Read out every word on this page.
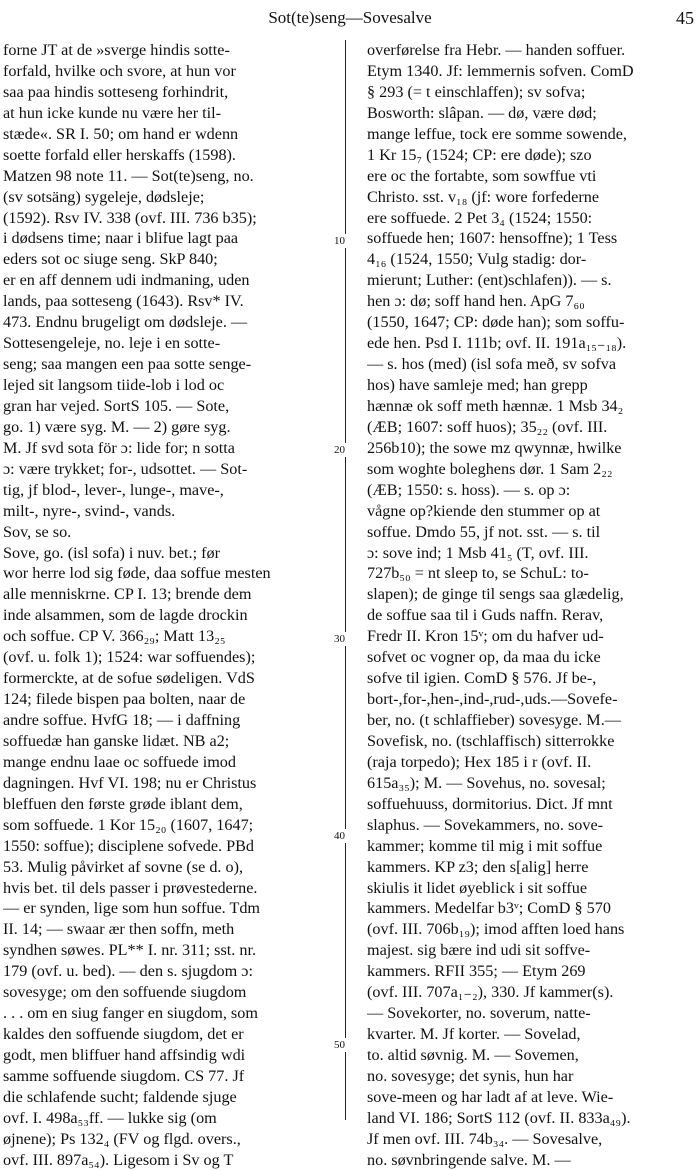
Sot(te)seng—Sovesalve	45
forne JT at de »sverge hindis sotte-
forfald, hvilke och svore, at hun vor
saa paa hindis sotteseng forhindrit,
at hun icke kunde nu være her til-
stæde«. SR I. 50; om hand er wdenn
soette forfald eller herskaffs (1598).
Matzen 98 note 11. — Sot(te)seng, no.
(sv sotsäng) sygeleje, dødsleje;
(1592). Rsv IV. 338 (ovf. III. 736 b35);
i dødsens time; naar i blifue lagt paa
eders sot oc siuge seng. SkP 840;
er en aff dennem udi indmaning, uden
lands, paa sotteseng (1643). Rsv* IV.
473. Endnu brugeligt om dødsleje. —
Sottesengeleje, no. leje i en sotte-
seng; saa mangen een paa sotte senge-
lejed sit langsom tiide-lob i lod oc
gran har vejed. SortS 105. — Sote,
go. 1) være syg. M. — 2) gøre syg.
M. Jf svd sota för ɔ: lide for; n sotta
ɔ: være trykket; for-, udsottet. — Sot-
tig, jf blod-, lever-, lunge-, mave-,
milt-, nyre-, svind-, vands.
Sov, se so.
Sove, go. (isl sofa) i nuv. bet.; før
wor herre lod sig føde, daa soffue mesten
alle menniskrne. CP I. 13; brende dem
inde alsammen, som de lagde drockin
och soffue. CP V. 366₂₉; Matt 13₂₅
(ovf. u. folk 1); 1524: war soffuendes);
formerckte, at de sofue sødeligen. VdS
124; filede bispen paa bolten, naar de
andre soffue. HvfG 18; — i daffning
soffuedæ han ganske lidæt. NB a2;
mange endnu laae oc soffuede imod
dagningen. Hvf VI. 198; nu er Christus
bleffuen den første grøde iblant dem,
som soffuede. 1 Kor 15₂₀ (1607, 1647;
1550: soffue); disciplene sofvede. PBd
53. Mulig påvirket af sovne (se d. o),
hvis bet. til dels passer i prøvestederne.
— er synden, lige som hun soffue. Tdm
II. 14; — swaar ær then soffn, meth
syndhen søwes. PL** I. nr. 311; sst. nr.
179 (ovf. u. bed). — den s. sjugdom ɔ:
sovesyge; om den soffuende siugdom
. . . om en siug fanger en siugdom, som
kaldes den soffuende siugdom, det er
godt, men bliffuer hand affsindig wdi
samme soffuende siugdom. CS 77. Jf
die schlafende sucht; faldende sjuge
ovf. I. 498a₅₃ff. — lukke sig (om
øjnene); Ps 132₄ (FV og flgd. overs.,
ovf. III. 897a₅₄). Ligesom i Sv og T
overførelse fra Hebr. — handen soffuer.
Etym 1340. Jf: lemmernis sofven. ComD
§ 293 (= t einschlaffen); sv sofva;
Bosworth: slâpan. — dø, være død;
mange leffue, tock ere somme sowende,
1 Kr 15₇ (1524; CP: ere døde); szo
ere oc the fortabte, som sowffue vti
Christo. sst. v₁₈ (jf: wore forfederne
ere soffuede. 2 Pet 3₄ (1524; 1550:
soffuede hen; 1607: hensoffne); 1 Tess
4₁₆ (1524, 1550; Vulg stadig: dor-
mierunt; Luther: (ent)schlafen)). — s.
hen ɔ: dø; soff hand hen. ApG 7₆₀
(1550, 1647; CP: døde han); som soffu-
ede hen. Psd I. 111b; ovf. II. 191a₁₅₋₁₈).
— s. hos (med) (isl sofa með, sv sofva
hos) have samleje med; han grepp
hænnæ ok soff meth hænnæ. 1 Msb 34₂
(ÆB; 1607: soff huos); 35₂₂ (ovf. III.
256b10); the sowe mz qwynnæ, hwilke
som woghte boleghens dør. 1 Sam 2₂₂
(ÆB; 1550: s. hoss). — s. op ɔ:
vågne op?kiende den stummer op at
soffue. Dmdo 55, jf not. sst. — s. til
ɔ: sove ind; 1 Msb 41₅ (T, ovf. III.
727b₅₀ = nt sleep to, se SchuL: to-
slapen); de ginge til sengs saa glædelig,
de soffue saa til i Guds naffn. Rerav,
Fredr II. Kron 15ᵛ; om du hafver ud-
sofvet oc vogner op, da maa du icke
sofve til igien. ComD § 576. Jf be-,
bort-,for-,hen-,ind-,rud-,uds.—Sovefe-
ber, no. (t schlaffieber) sovesyge. M.—
Sovefisk, no. (tschlaffisch) sitterrokke
(raja torpedo); Hex 185 i r (ovf. II.
615a₃₅); M. — Sovehus, no. sovesal;
soffuehuuss, dormitorius. Dict. Jf mnt
slaphus. — Sovekammers, no. sove-
kammer; komme til mig i mit soffue
kammers. KP z3; den s[alig] herre
skiulis it lidet øyeblick i sit soffue
kammers. Medelfar b3ᵛ; ComD § 570
(ovf. III. 706b₁₉); imod afften loed hans
majest. sig bære ind udi sit soffve-
kammers. RFII 355; — Etym 269
(ovf. III. 707a₁₋₂), 330. Jf kammer(s).
— Sovekorter, no. soverum, natte-
kvarter. M. Jf korter. — Sovelad,
to. altid søvnig. M. — Sovemen,
no. sovesyge; det synis, hun har
sove-meen og har ladt af at leve. Wie-
land VI. 186; SortS 112 (ovf. II. 833a₄₉).
Jf men ovf. III. 74b₃₄. — Sovesalve,
no. søvnbringende salve. M. —
10
20
30
40
50
